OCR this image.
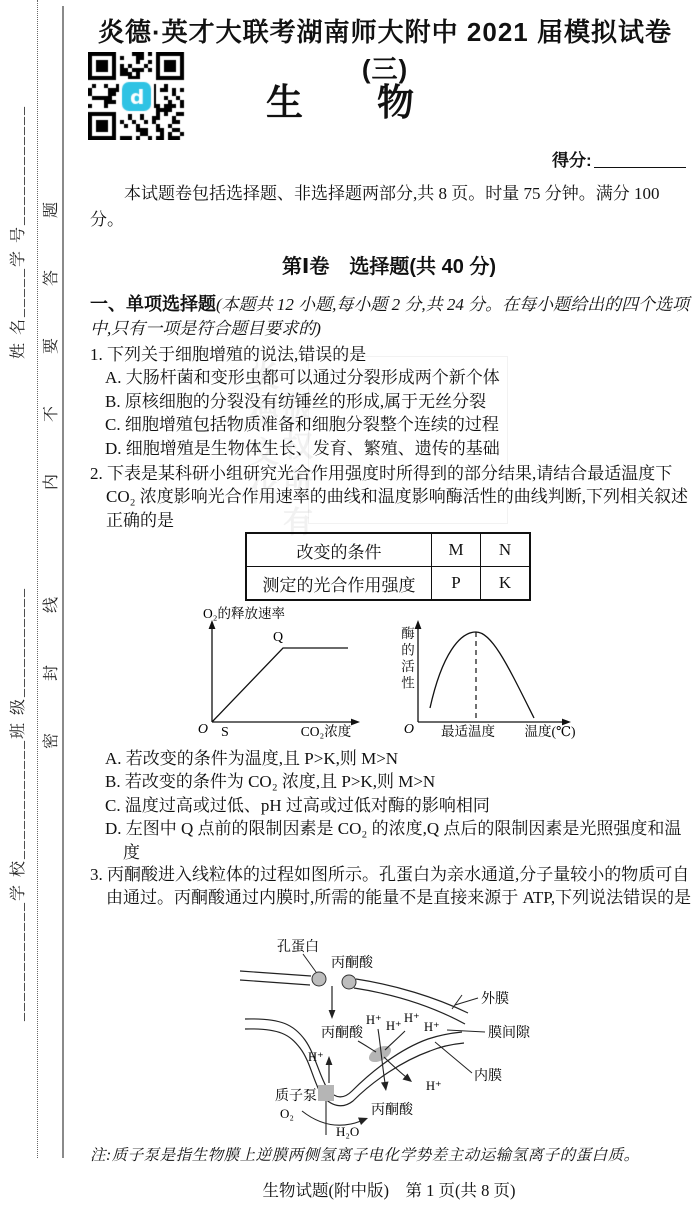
姓 名_____学 号____________
____________学 校____________班 级___________
内 不 要 答 题
密 封 线
炎德文化 版权所有
炎德·英才大联考湖南师大附中 2021 届模拟试卷(三)
生物
得分:
本试题卷包括选择题、非选择题两部分,共 8 页。时量 75 分钟。满分 100 分。
第Ⅰ卷　选择题(共 40 分)
一、单项选择题(本题共 12 小题,每小题 2 分,共 24 分。在每小题给出的四个选项中,只有一项是符合题目要求的)
1. 下列关于细胞增殖的说法,错误的是
A. 大肠杆菌和变形虫都可以通过分裂形成两个新个体
B. 原核细胞的分裂没有纺锤丝的形成,属于无丝分裂
C. 细胞增殖包括物质准备和细胞分裂整个连续的过程
D. 细胞增殖是生物体生长、发育、繁殖、遗传的基础
2. 下表是某科研小组研究光合作用强度时所得到的部分结果,请结合最适温度下 CO₂ 浓度影响光合作用速率的曲线和温度影响酶活性的曲线判断,下列相关叙述正确的是
改变的条件	M	N
测定的光合作用强度	P	K
O₂的释放速率
Q
O S	CO₂浓度	O 最适温度 温度(℃)
酶的活性
A. 若改变的条件为温度,且 P>K,则 M>N
B. 若改变的条件为 CO₂ 浓度,且 P>K,则 M>N
C. 温度过高或过低、pH 过高或过低对酶的影响相同
D. 左图中 Q 点前的限制因素是 CO₂ 的浓度,Q 点后的限制因素是光照强度和温度
3. 丙酮酸进入线粒体的过程如图所示。孔蛋白为亲水通道,分子量较小的物质可自由通过。丙酮酸通过内膜时,所需的能量不是直接来源于 ATP,下列说法错误的是
孔蛋白
丙酮酸
外膜
H⁺ H⁺
H⁺
H⁺	膜间隙
丙酮酸
H⁺
质子泵
O₂
H₂O
丙酮酸
H⁺
内膜
注:质子泵是指生物膜上逆膜两侧氢离子电化学势差主动运输氢离子的蛋白质。
生物试题(附中版)　第 1 页(共 8 页)
